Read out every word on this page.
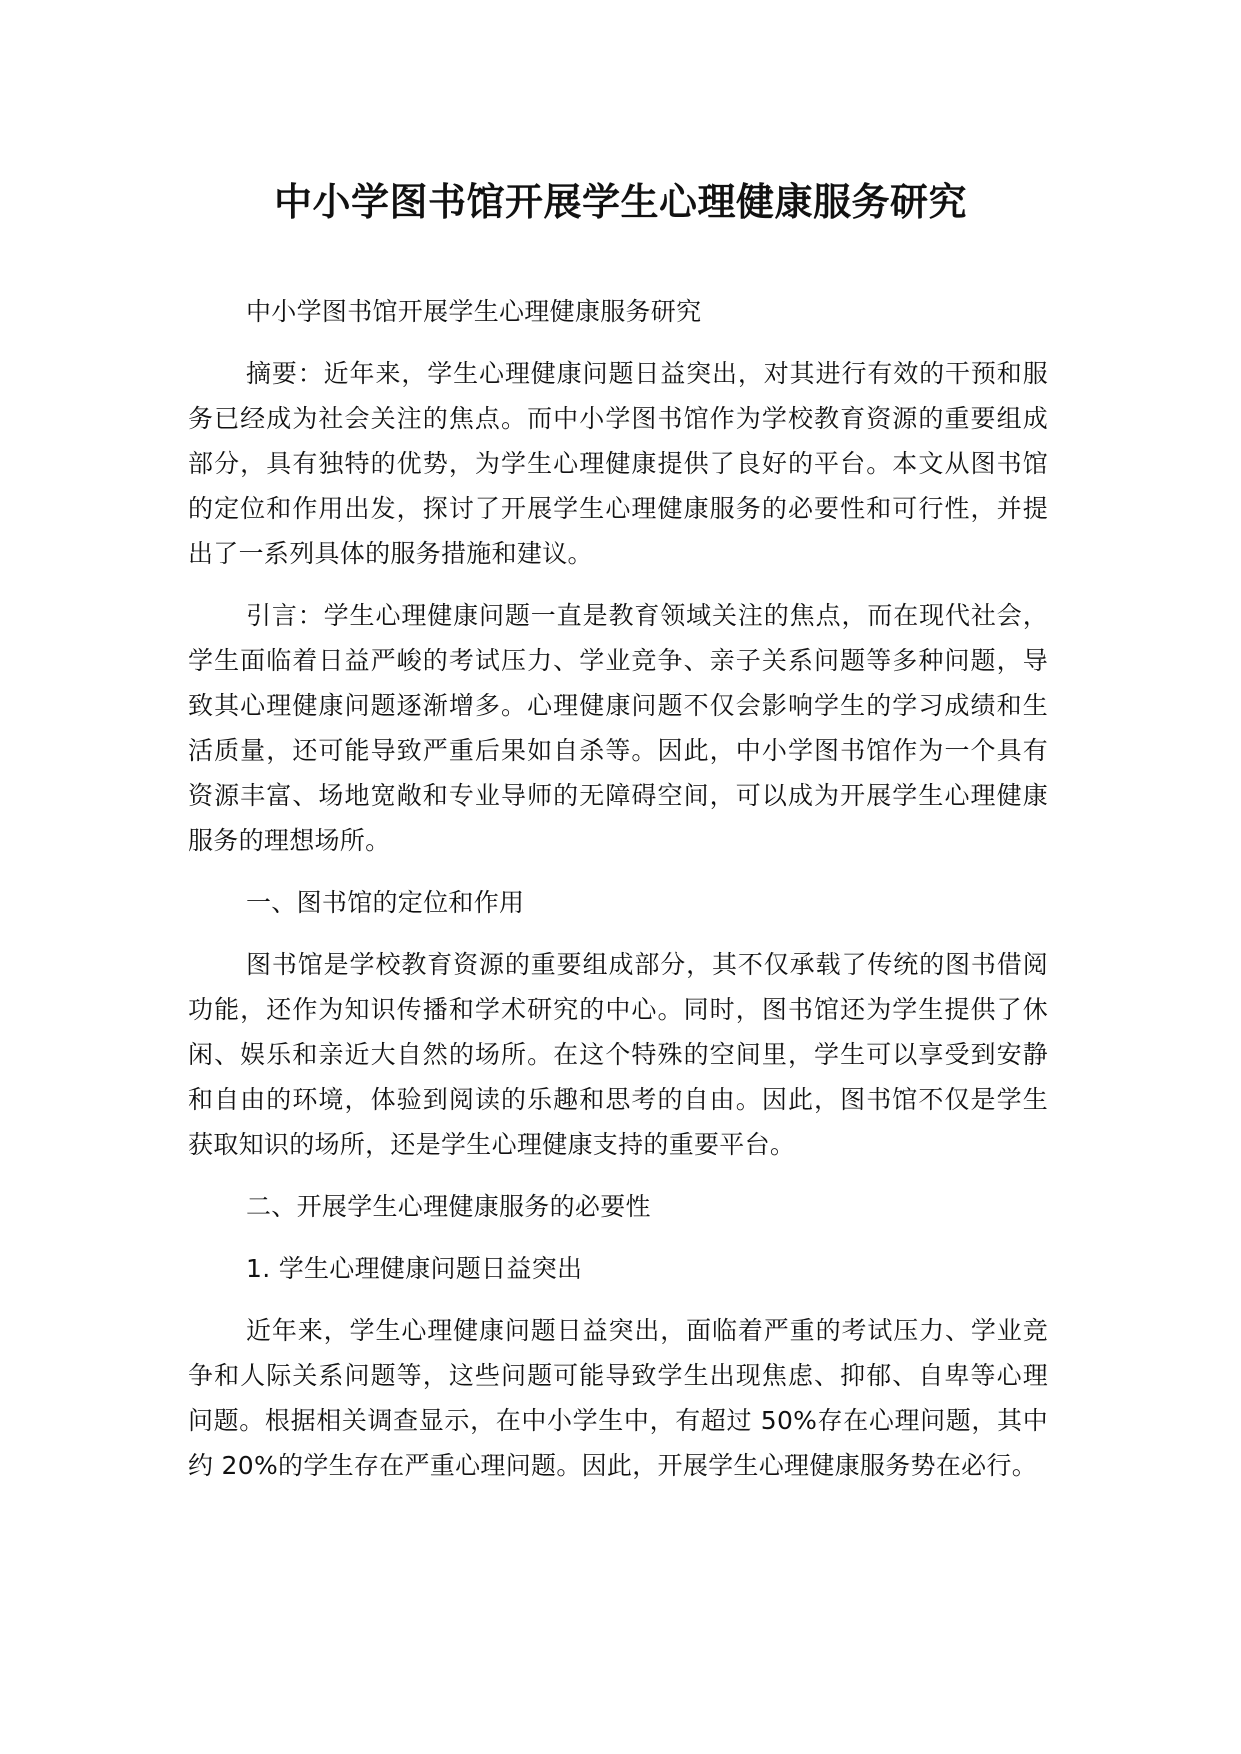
中小学图书馆开展学生心理健康服务研究

中小学图书馆开展学生心理健康服务研究

摘要：近年来，学生心理健康问题日益突出，对其进行有效的干预和服务已经成为社会关注的焦点。而中小学图书馆作为学校教育资源的重要组成部分，具有独特的优势，为学生心理健康提供了良好的平台。本文从图书馆的定位和作用出发，探讨了开展学生心理健康服务的必要性和可行性，并提出了一系列具体的服务措施和建议。

引言：学生心理健康问题一直是教育领域关注的焦点，而在现代社会，学生面临着日益严峻的考试压力、学业竞争、亲子关系问题等多种问题，导致其心理健康问题逐渐增多。心理健康问题不仅会影响学生的学习成绩和生活质量，还可能导致严重后果如自杀等。因此，中小学图书馆作为一个具有资源丰富、场地宽敞和专业导师的无障碍空间，可以成为开展学生心理健康服务的理想场所。

一、图书馆的定位和作用

图书馆是学校教育资源的重要组成部分，其不仅承载了传统的图书借阅功能，还作为知识传播和学术研究的中心。同时，图书馆还为学生提供了休闲、娱乐和亲近大自然的场所。在这个特殊的空间里，学生可以享受到安静和自由的环境，体验到阅读的乐趣和思考的自由。因此，图书馆不仅是学生获取知识的场所，还是学生心理健康支持的重要平台。

二、开展学生心理健康服务的必要性

1. 学生心理健康问题日益突出

近年来，学生心理健康问题日益突出，面临着严重的考试压力、学业竞争和人际关系问题等，这些问题可能导致学生出现焦虑、抑郁、自卑等心理问题。根据相关调查显示，在中小学生中，有超过 50%存在心理问题，其中约 20%的学生存在严重心理问题。因此，开展学生心理健康服务势在必行。
